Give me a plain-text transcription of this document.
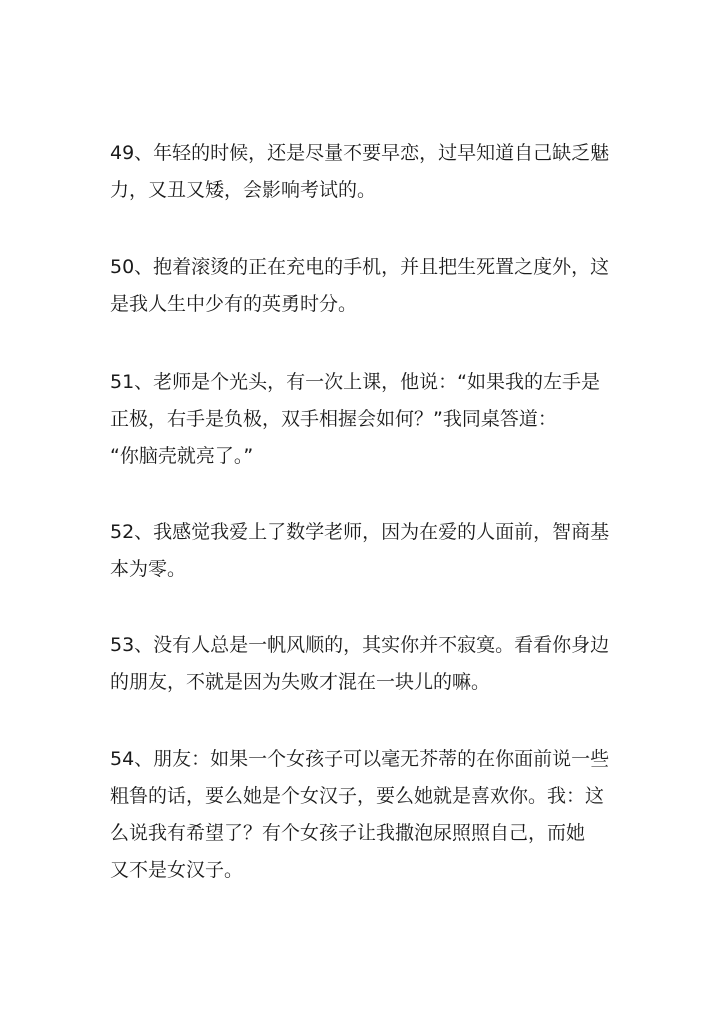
49、年轻的时候，还是尽量不要早恋，过早知道自己缺乏魅
力，又丑又矮，会影响考试的。

50、抱着滚烫的正在充电的手机，并且把生死置之度外，这
是我人生中少有的英勇时分。

51、老师是个光头，有一次上课，他说：“如果我的左手是
正极，右手是负极，双手相握会如何？”我同桌答道：
“你脑壳就亮了。”

52、我感觉我爱上了数学老师，因为在爱的人面前，智商基
本为零。

53、没有人总是一帆风顺的，其实你并不寂寞。看看你身边
的朋友，不就是因为失败才混在一块儿的嘛。

54、朋友：如果一个女孩子可以毫无芥蒂的在你面前说一些
粗鲁的话，要么她是个女汉子，要么她就是喜欢你。我：这
么说我有希望了？有个女孩子让我撒泡尿照照自己，而她
又不是女汉子。
